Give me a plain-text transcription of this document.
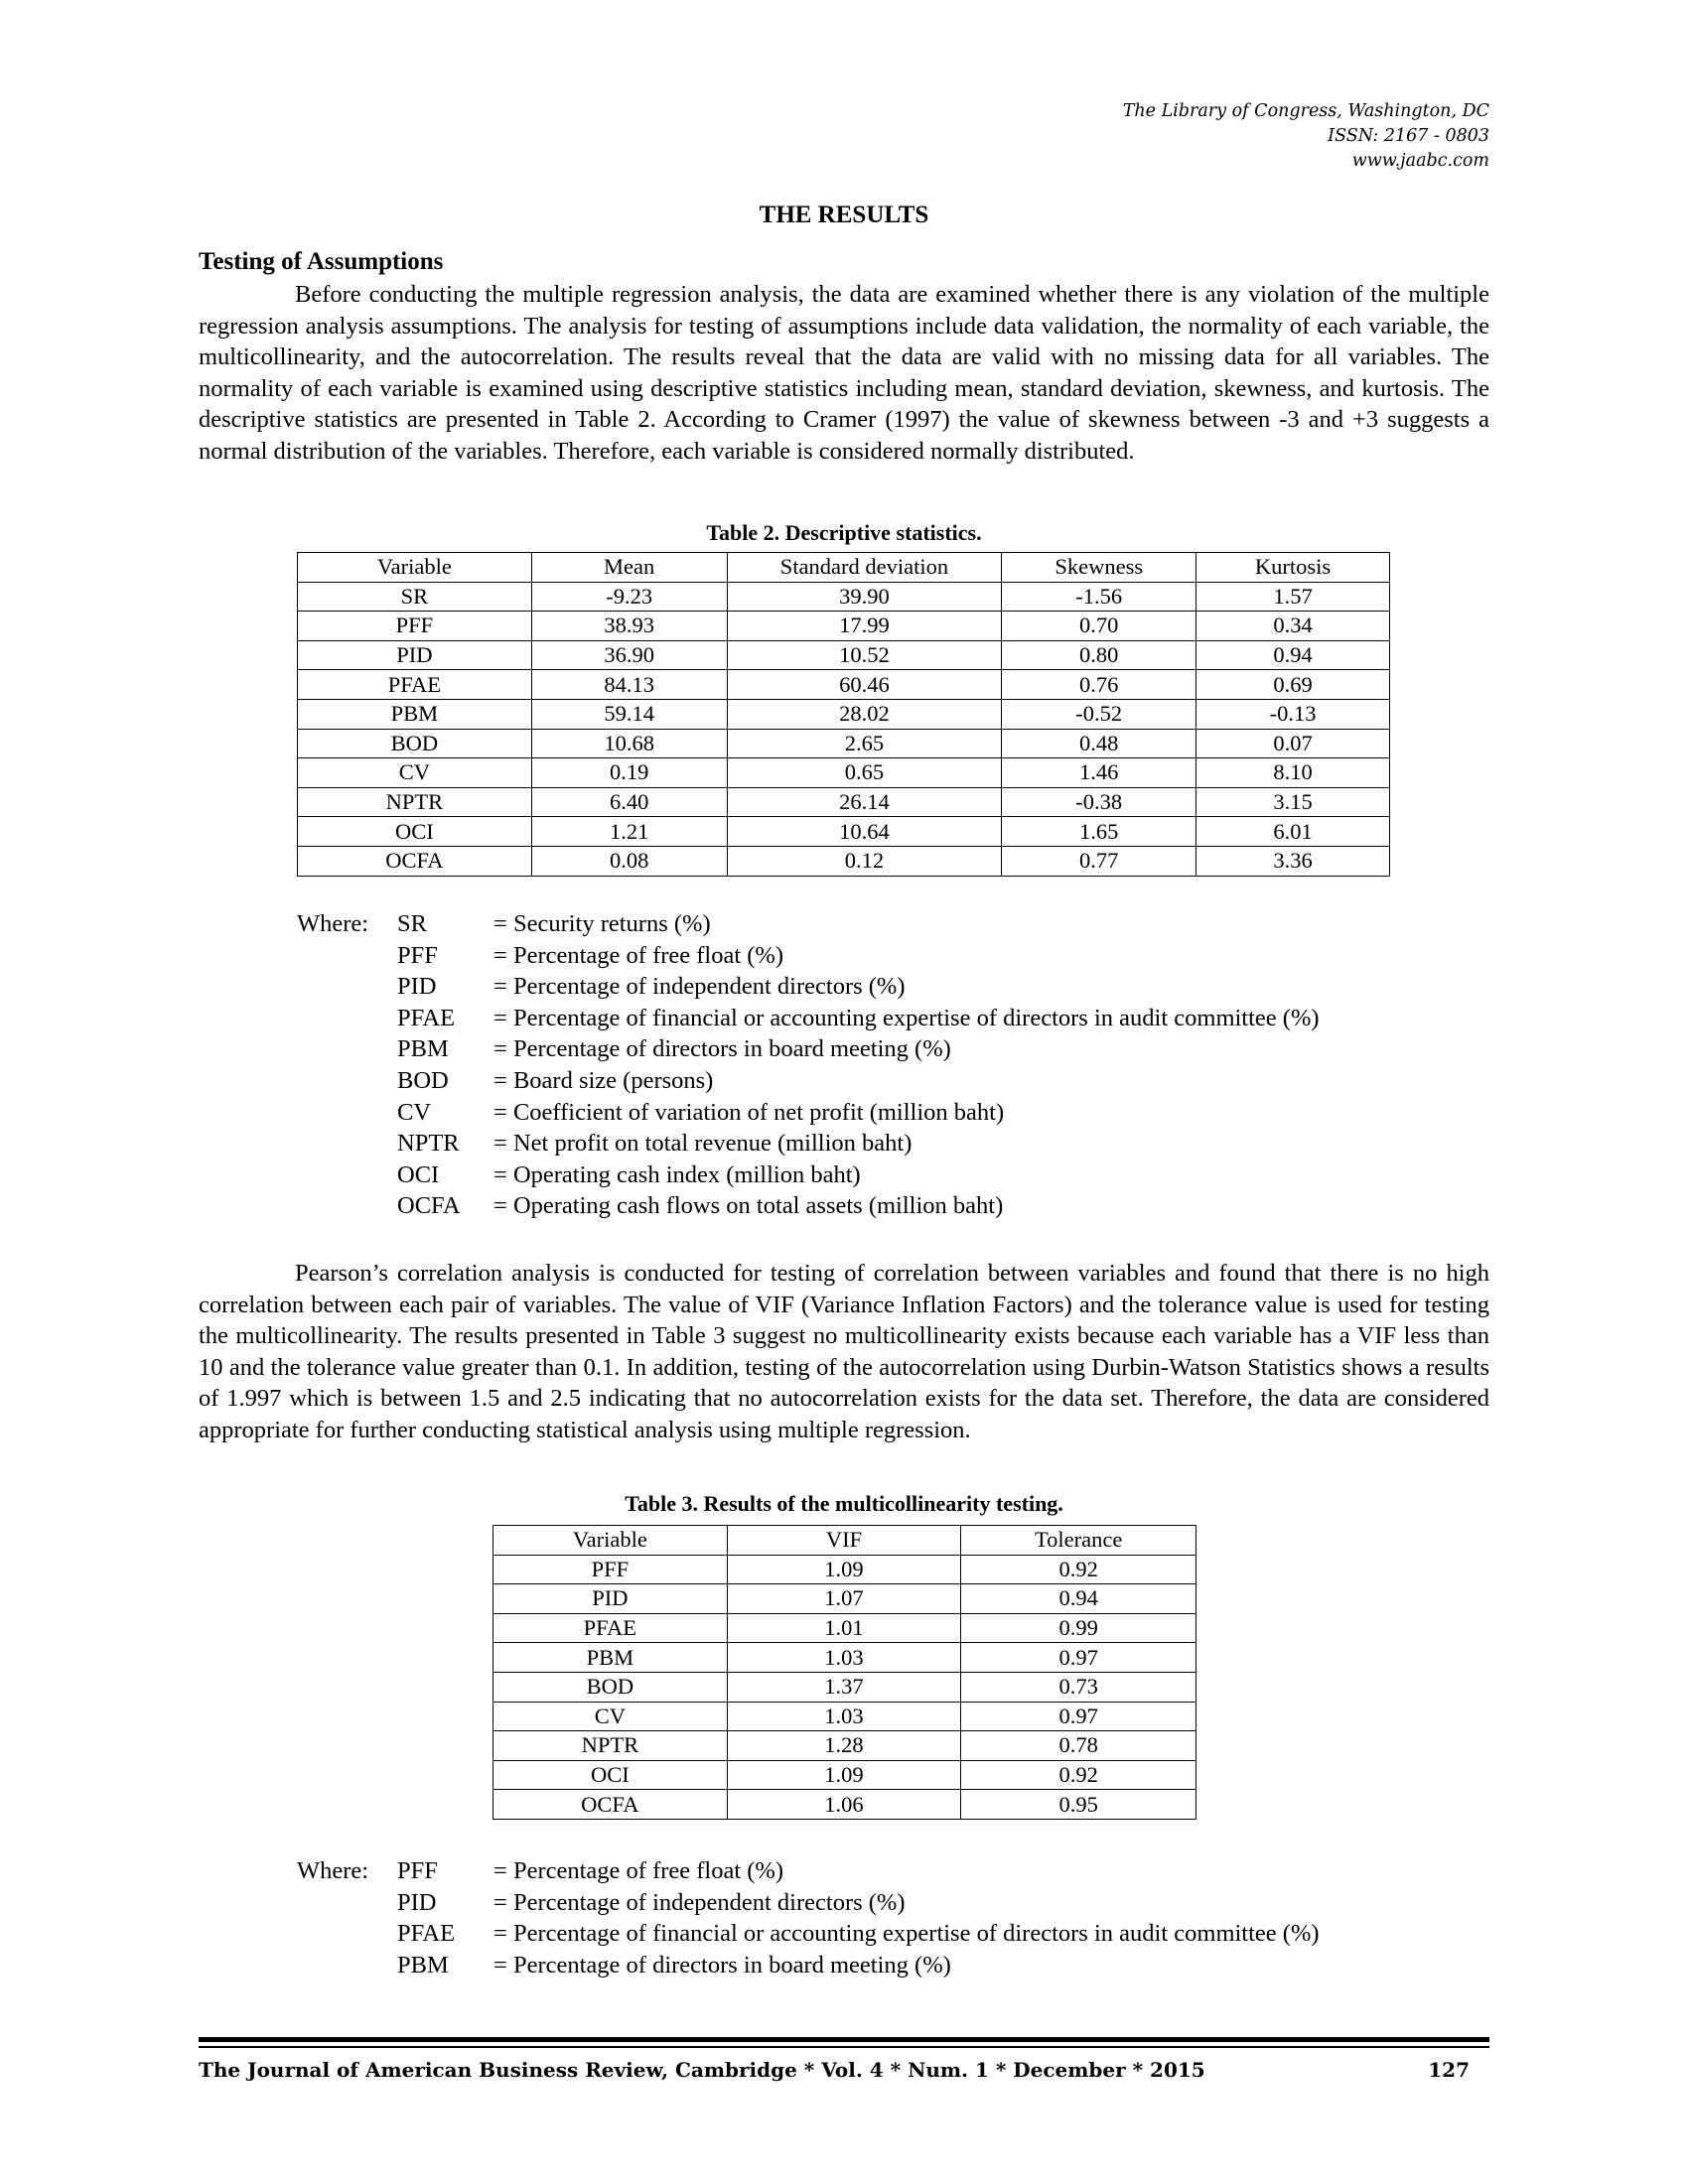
The Library of Congress, Washington, DC
ISSN: 2167 - 0803
www.jaabc.com
THE RESULTS
Testing of Assumptions

Before conducting the multiple regression analysis, the data are examined whether there is any violation of the multiple regression analysis assumptions. The analysis for testing of assumptions include data validation, the normality of each variable, the multicollinearity, and the autocorrelation. The results reveal that the data are valid with no missing data for all variables. The normality of each variable is examined using descriptive statistics including mean, standard deviation, skewness, and kurtosis. The descriptive statistics are presented in Table 2. According to Cramer (1997) the value of skewness between -3 and +3 suggests a normal distribution of the variables. Therefore, each variable is considered normally distributed.

Table 2. Descriptive statistics.
Variable	Mean	Standard deviation	Skewness	Kurtosis
SR	-9.23	39.90	-1.56	1.57
PFF	38.93	17.99	0.70	0.34
PID	36.90	10.52	0.80	0.94
PFAE	84.13	60.46	0.76	0.69
PBM	59.14	28.02	-0.52	-0.13
BOD	10.68	2.65	0.48	0.07
CV	0.19	0.65	1.46	8.10
NPTR	6.40	26.14	-0.38	3.15
OCI	1.21	10.64	1.65	6.01
OCFA	0.08	0.12	0.77	3.36
Where:	SR	= Security returns (%)
PFF	= Percentage of free float (%)
PID	= Percentage of independent directors (%)
PFAE	= Percentage of financial or accounting expertise of directors in audit committee (%)
PBM	= Percentage of directors in board meeting (%)
BOD	= Board size (persons)
CV	= Coefficient of variation of net profit (million baht)
NPTR	= Net profit on total revenue (million baht)
OCI	= Operating cash index (million baht)
OCFA	= Operating cash flows on total assets (million baht)

Pearson’s correlation analysis is conducted for testing of correlation between variables and found that there is no high correlation between each pair of variables. The value of VIF (Variance Inflation Factors) and the tolerance value is used for testing the multicollinearity. The results presented in Table 3 suggest no multicollinearity exists because each variable has a VIF less than 10 and the tolerance value greater than 0.1. In addition, testing of the autocorrelation using Durbin-Watson Statistics shows a results of 1.997 which is between 1.5 and 2.5 indicating that no autocorrelation exists for the data set. Therefore, the data are considered appropriate for further conducting statistical analysis using multiple regression.

Table 3. Results of the multicollinearity testing.
Variable	VIF	Tolerance
PFF	1.09	0.92
PID	1.07	0.94
PFAE	1.01	0.99
PBM	1.03	0.97
BOD	1.37	0.73
CV	1.03	0.97
NPTR	1.28	0.78
OCI	1.09	0.92
OCFA	1.06	0.95
Where:	PFF	= Percentage of free float (%)
PID	= Percentage of independent directors (%)
PFAE	= Percentage of financial or accounting expertise of directors in audit committee (%)
PBM	= Percentage of directors in board meeting (%)
The Journal of American Business Review, Cambridge * Vol. 4 * Num. 1 * December * 2015	127
